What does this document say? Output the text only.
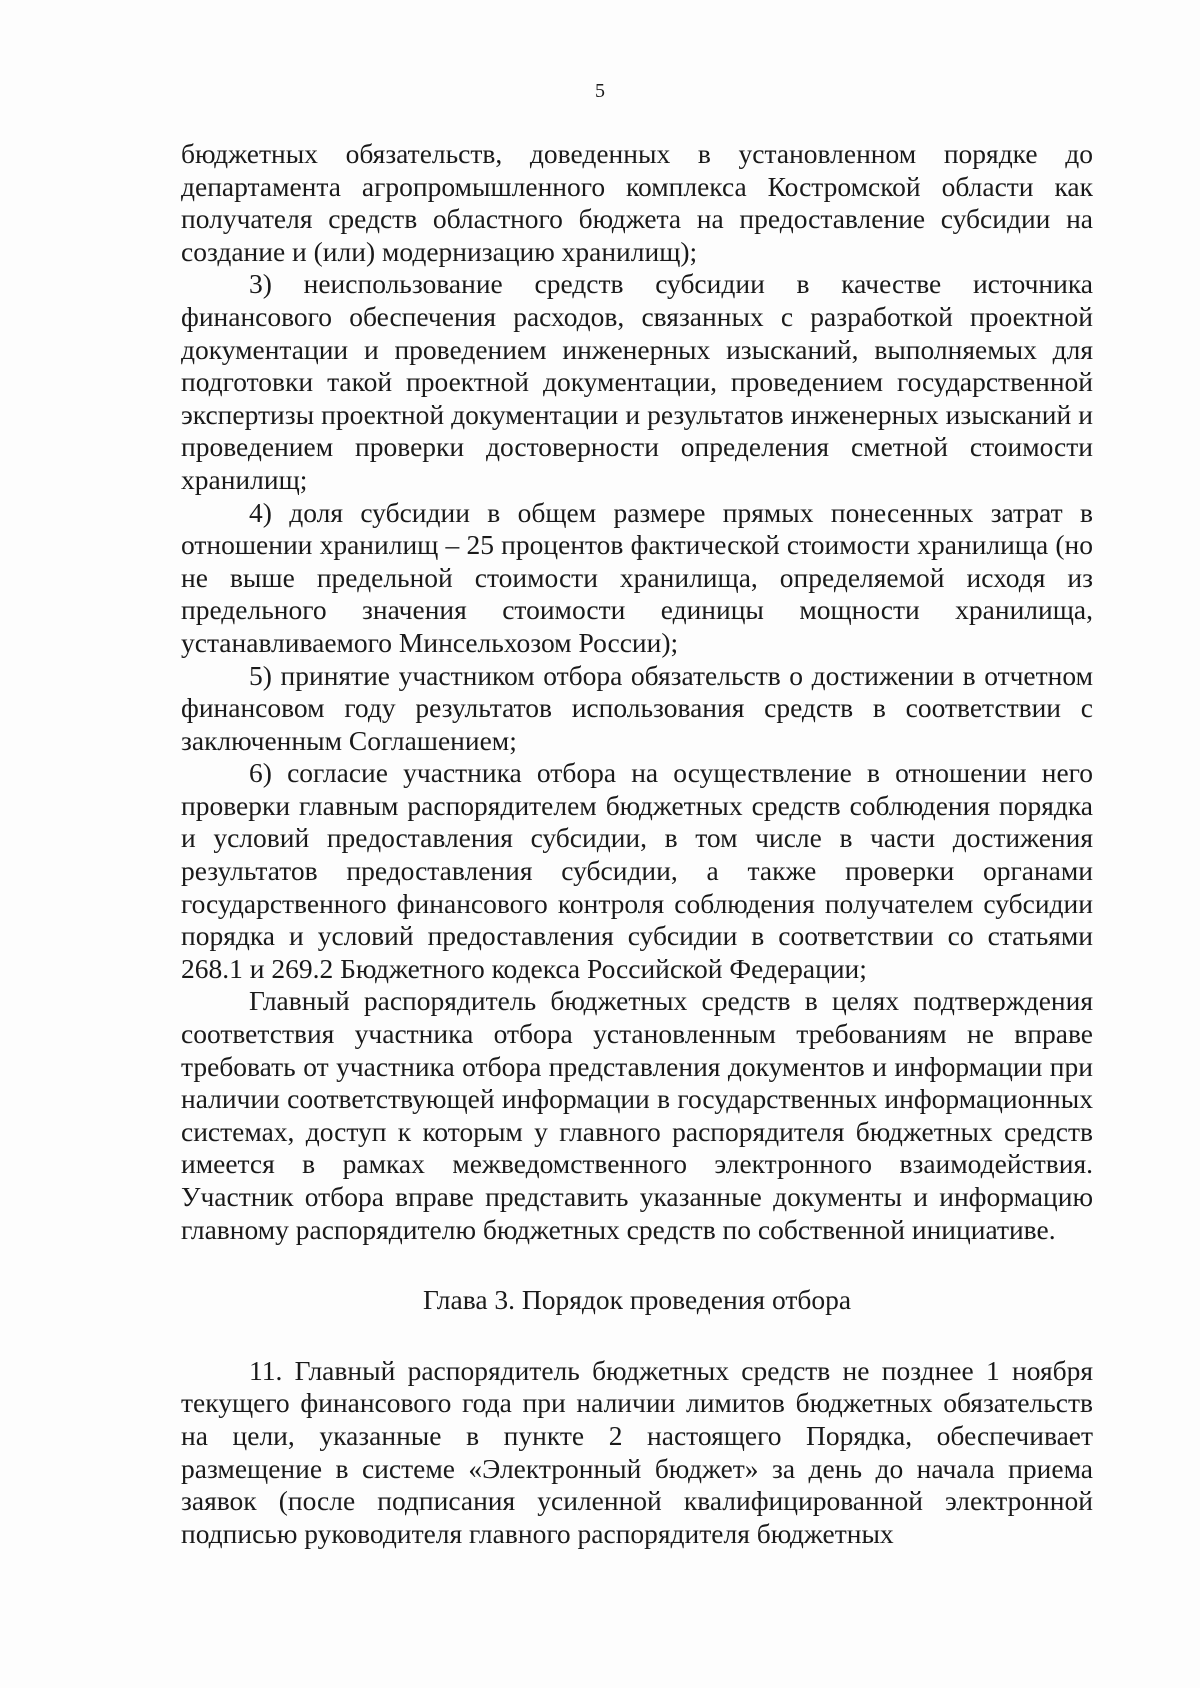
5

бюджетных обязательств, доведенных в установленном порядке до департамента агропромышленного комплекса Костромской области как получателя средств областного бюджета на предоставление субсидии на создание и (или) модернизацию хранилищ);

3) неиспользование средств субсидии в качестве источника финансового обеспечения расходов, связанных с разработкой проектной документации и проведением инженерных изысканий, выполняемых для подготовки такой проектной документации, проведением государственной экспертизы проектной документации и результатов инженерных изысканий и проведением проверки достоверности определения сметной стоимости хранилищ;

4) доля субсидии в общем размере прямых понесенных затрат в отношении хранилищ – 25 процентов фактической стоимости хранилища (но не выше предельной стоимости хранилища, определяемой исходя из предельного значения стоимости единицы мощности хранилища, устанавливаемого Минсельхозом России);

5) принятие участником отбора обязательств о достижении в отчетном финансовом году результатов использования средств в соответствии с заключенным Соглашением;

6) согласие участника отбора на осуществление в отношении него проверки главным распорядителем бюджетных средств соблюдения порядка и условий предоставления субсидии, в том числе в части достижения результатов предоставления субсидии, а также проверки органами государственного финансового контроля соблюдения получателем субсидии порядка и условий предоставления субсидии в соответствии со статьями 268.1 и 269.2 Бюджетного кодекса Российской Федерации;

Главный распорядитель бюджетных средств в целях подтверждения соответствия участника отбора установленным требованиям не вправе требовать от участника отбора представления документов и информации при наличии соответствующей информации в государственных информационных системах, доступ к которым у главного распорядителя бюджетных средств имеется в рамках межведомственного электронного взаимодействия. Участник отбора вправе представить указанные документы и информацию главному распорядителю бюджетных средств по собственной инициативе.

Глава 3. Порядок проведения отбора

11. Главный распорядитель бюджетных средств не позднее 1 ноября текущего финансового года при наличии лимитов бюджетных обязательств на цели, указанные в пункте 2 настоящего Порядка, обеспечивает размещение в системе «Электронный бюджет» за день до начала приема заявок (после подписания усиленной квалифицированной электронной подписью руководителя главного распорядителя бюджетных
